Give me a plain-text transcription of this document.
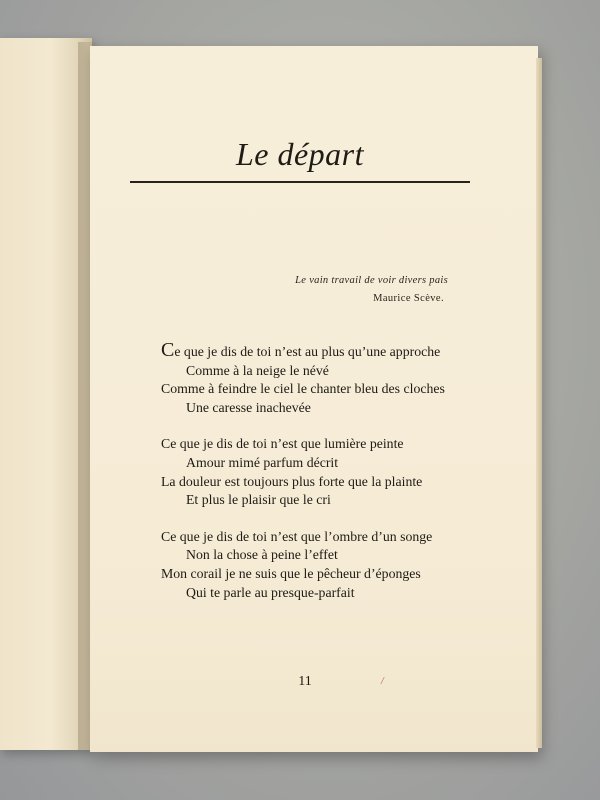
Le départ
Le vain travail de voir divers pais
Maurice Scève.
Ce que je dis de toi n’est au plus qu’une approche
Comme à la neige le névé
Comme à feindre le ciel le chanter bleu des cloches
Une caresse inachevée
Ce que je dis de toi n’est que lumière peinte
Amour mimé parfum décrit
La douleur est toujours plus forte que la plainte
Et plus le plaisir que le cri
Ce que je dis de toi n’est que l’ombre d’un songe
Non la chose à peine l’effet
Mon corail je ne suis que le pêcheur d’éponges
Qui te parle au presque-parfait
11	/
